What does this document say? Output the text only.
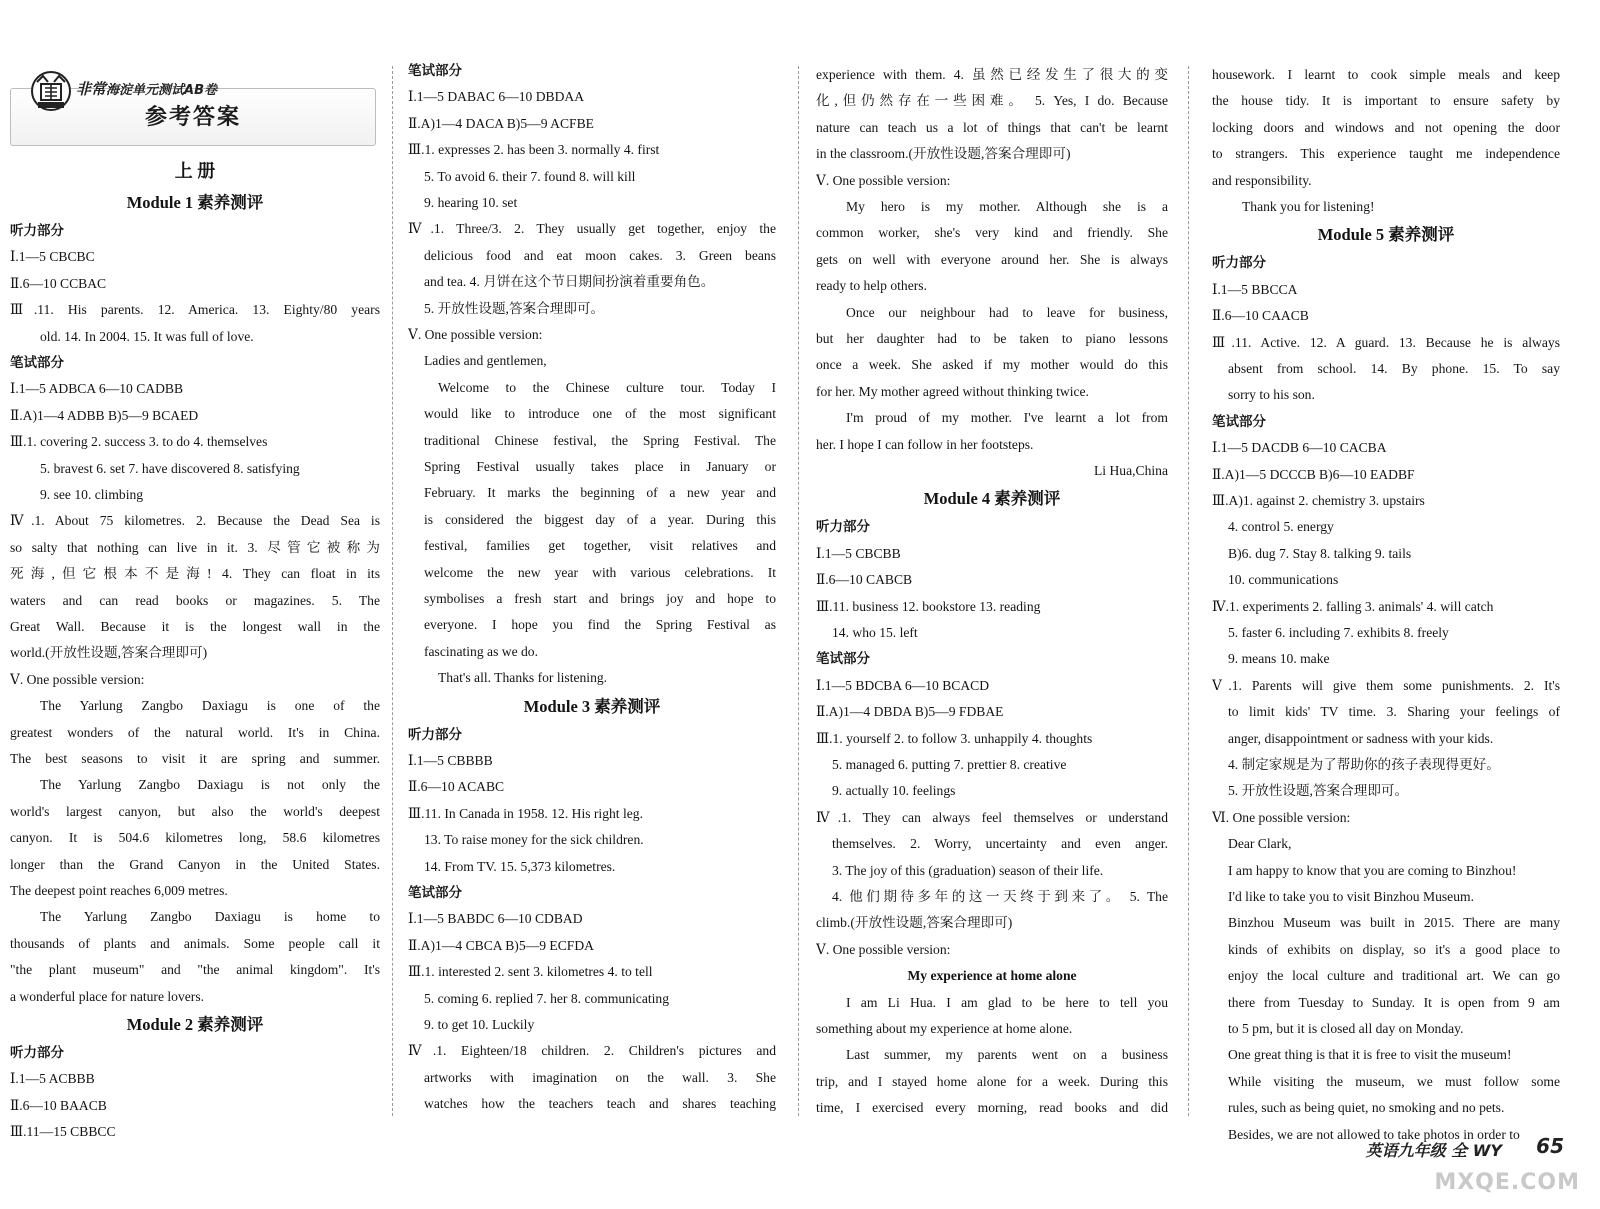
非常海淀单元测试AB卷
参考答案
上 册
Module 1 素养测评
听力部分
Ⅰ.1—5 CBCBC
Ⅱ.6—10 CCBAC
Ⅲ.11. His parents. 12. America. 13. Eighty/80 years
old. 14. In 2004. 15. It was full of love.
笔试部分
Ⅰ.1—5 ADBCA 6—10 CADBB
Ⅱ.A)1—4 ADBB B)5—9 BCAED
Ⅲ.1. covering 2. success 3. to do 4. themselves
5. bravest 6. set 7. have discovered 8. satisfying
9. see 10. climbing
Ⅳ.1. About 75 kilometres. 2. Because the Dead Sea is
so salty that nothing can live in it. 3. 尽管它被称为
死海,但它根本不是海! 4. They can float in its
waters and can read books or magazines. 5. The
Great Wall. Because it is the longest wall in the
world.(开放性设题,答案合理即可)
Ⅴ. One possible version:
The Yarlung Zangbo Daxiagu is one of the
greatest wonders of the natural world. It's in China.
The best seasons to visit it are spring and summer.
The Yarlung Zangbo Daxiagu is not only the
world's largest canyon, but also the world's deepest
canyon. It is 504.6 kilometres long, 58.6 kilometres
longer than the Grand Canyon in the United States.
The deepest point reaches 6,009 metres.
The Yarlung Zangbo Daxiagu is home to
thousands of plants and animals. Some people call it
"the plant museum" and "the animal kingdom". It's
a wonderful place for nature lovers.
Module 2 素养测评
听力部分
Ⅰ.1—5 ACBBB
Ⅱ.6—10 BAACB
Ⅲ.11—15 CBBCC
笔试部分
Ⅰ.1—5 DABAC 6—10 DBDAA
Ⅱ.A)1—4 DACA B)5—9 ACFBE
Ⅲ.1. expresses 2. has been 3. normally 4. first
5. To avoid 6. their 7. found 8. will kill
9. hearing 10. set
Ⅳ.1. Three/3. 2. They usually get together, enjoy the
delicious food and eat moon cakes. 3. Green beans
and tea. 4. 月饼在这个节日期间扮演着重要角色。
5. 开放性设题,答案合理即可。
Ⅴ. One possible version:
Ladies and gentlemen,
Welcome to the Chinese culture tour. Today I
would like to introduce one of the most significant
traditional Chinese festival, the Spring Festival. The
Spring Festival usually takes place in January or
February. It marks the beginning of a new year and
is considered the biggest day of a year. During this
festival, families get together, visit relatives and
welcome the new year with various celebrations. It
symbolises a fresh start and brings joy and hope to
everyone. I hope you find the Spring Festival as
fascinating as we do.
That's all. Thanks for listening.
Module 3 素养测评
听力部分
Ⅰ.1—5 CBBBB
Ⅱ.6—10 ACABC
Ⅲ.11. In Canada in 1958. 12. His right leg.
13. To raise money for the sick children.
14. From TV. 15. 5,373 kilometres.
笔试部分
Ⅰ.1—5 BABDC 6—10 CDBAD
Ⅱ.A)1—4 CBCA B)5—9 ECFDA
Ⅲ.1. interested 2. sent 3. kilometres 4. to tell
5. coming 6. replied 7. her 8. communicating
9. to get 10. Luckily
Ⅳ.1. Eighteen/18 children. 2. Children's pictures and
artworks with imagination on the wall. 3. She
watches how the teachers teach and shares teaching
experience with them. 4. 虽然已经发生了很大的变
化,但仍然存在一些困难。 5. Yes, I do. Because
nature can teach us a lot of things that can't be learnt
in the classroom.(开放性设题,答案合理即可)
Ⅴ. One possible version:
My hero is my mother. Although she is a
common worker, she's very kind and friendly. She
gets on well with everyone around her. She is always
ready to help others.
Once our neighbour had to leave for business,
but her daughter had to be taken to piano lessons
once a week. She asked if my mother would do this
for her. My mother agreed without thinking twice.
I'm proud of my mother. I've learnt a lot from
her. I hope I can follow in her footsteps.
Li Hua,China
Module 4 素养测评
听力部分
Ⅰ.1—5 CBCBB
Ⅱ.6—10 CABCB
Ⅲ.11. business 12. bookstore 13. reading
14. who 15. left
笔试部分
Ⅰ.1—5 BDCBA 6—10 BCACD
Ⅱ.A)1—4 DBDA B)5—9 FDBAE
Ⅲ.1. yourself 2. to follow 3. unhappily 4. thoughts
5. managed 6. putting 7. prettier 8. creative
9. actually 10. feelings
Ⅳ.1. They can always feel themselves or understand
themselves. 2. Worry, uncertainty and even anger.
3. The joy of this (graduation) season of their life.
4. 他们期待多年的这一天终于到来了。 5. The
climb.(开放性设题,答案合理即可)
Ⅴ. One possible version:
My experience at home alone
I am Li Hua. I am glad to be here to tell you
something about my experience at home alone.
Last summer, my parents went on a business
trip, and I stayed home alone for a week. During this
time, I exercised every morning, read books and did
housework. I learnt to cook simple meals and keep
the house tidy. It is important to ensure safety by
locking doors and windows and not opening the door
to strangers. This experience taught me independence
and responsibility.
Thank you for listening!
Module 5 素养测评
听力部分
Ⅰ.1—5 BBCCA
Ⅱ.6—10 CAACB
Ⅲ.11. Active. 12. A guard. 13. Because he is always
absent from school. 14. By phone. 15. To say
sorry to his son.
笔试部分
Ⅰ.1—5 DACDB 6—10 CACBA
Ⅱ.A)1—5 DCCCB B)6—10 EADBF
Ⅲ.A)1. against 2. chemistry 3. upstairs
4. control 5. energy
B)6. dug 7. Stay 8. talking 9. tails
10. communications
Ⅳ.1. experiments 2. falling 3. animals' 4. will catch
5. faster 6. including 7. exhibits 8. freely
9. means 10. make
Ⅴ.1. Parents will give them some punishments. 2. It's
to limit kids' TV time. 3. Sharing your feelings of
anger, disappointment or sadness with your kids.
4. 制定家规是为了帮助你的孩子表现得更好。
5. 开放性设题,答案合理即可。
Ⅵ. One possible version:
Dear Clark,
I am happy to know that you are coming to Binzhou!
I'd like to take you to visit Binzhou Museum.
Binzhou Museum was built in 2015. There are many
kinds of exhibits on display, so it's a good place to
enjoy the local culture and traditional art. We can go
there from Tuesday to Sunday. It is open from 9 am
to 5 pm, but it is closed all day on Monday.
One great thing is that it is free to visit the museum!
While visiting the museum, we must follow some
rules, such as being quiet, no smoking and no pets.
Besides, we are not allowed to take photos in order to
英语九年级 全 WY 65
MXQE.COM
